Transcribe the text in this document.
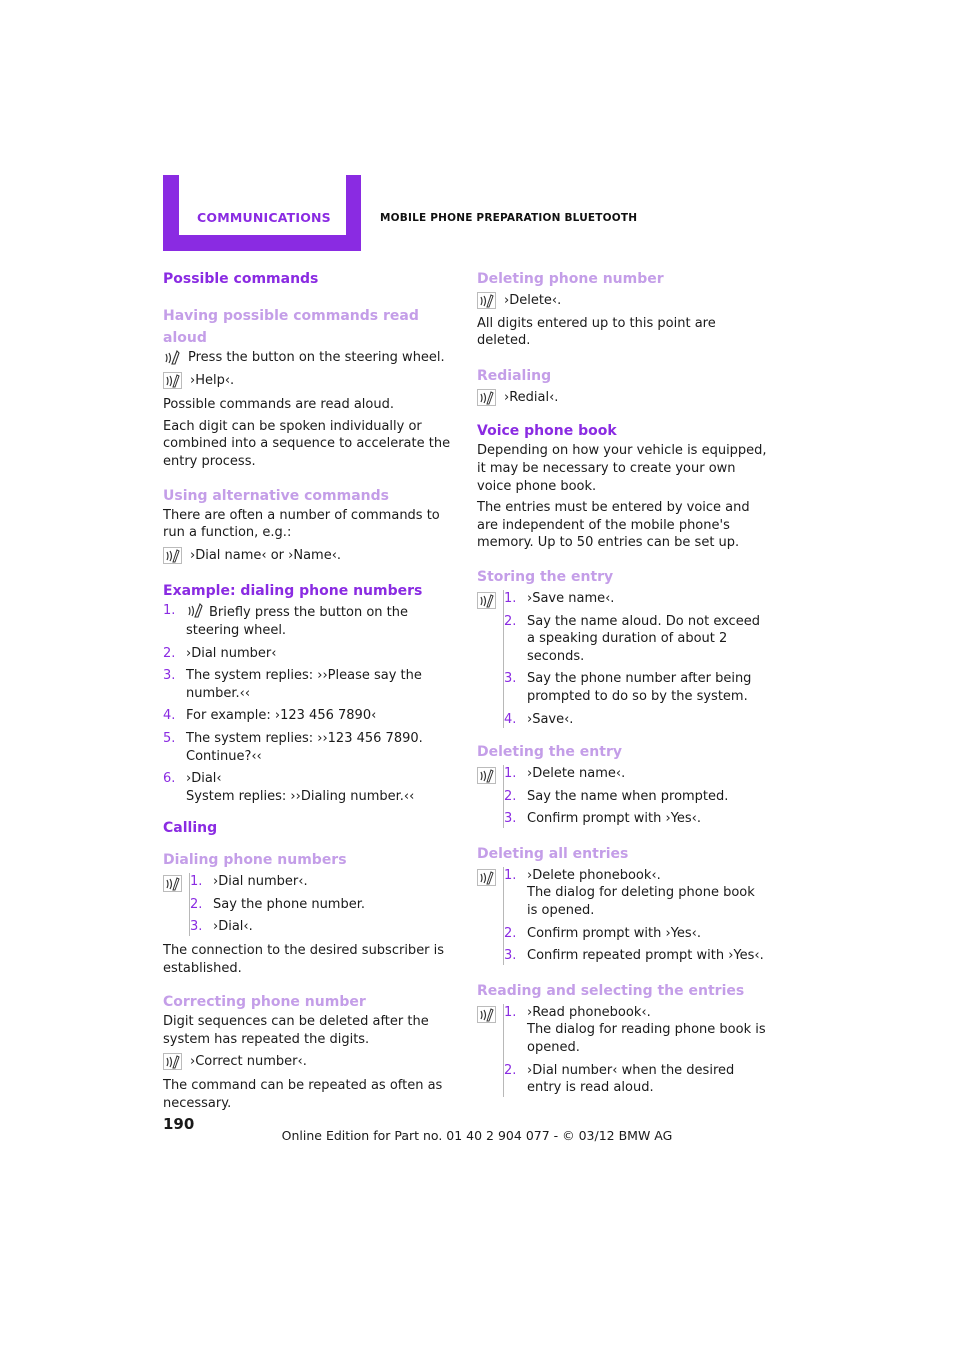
COMMUNICATIONS	MOBILE PHONE PREPARATION BLUETOOTH
Possible commands
Having possible commands read aloud
Press the button on the steering wheel.
›Help‹.

Possible commands are read aloud.

Each digit can be spoken individually or combined into a sequence to accelerate the entry process.

Using alternative commands

There are often a number of commands to run a function, e.g.:

›Dial name‹ or ›Name‹.
Example: dialing phone numbers
1.	Briefly press the button on the steering wheel.
2. ›Dial number‹
3. The system replies: ››Please say the number.‹‹
4. For example: ›123 456 7890‹
5. The system replies: ››123 456 7890. Continue?‹‹
6. ›Dial‹
System replies: ››Dialing number.‹‹
Calling
Dialing phone numbers
1. ›Dial number‹.
2. Say the phone number.
3. ›Dial‹.

The connection to the desired subscriber is established.

Correcting phone number

Digit sequences can be deleted after the system has repeated the digits.

›Correct number‹.

The command can be repeated as often as necessary.

Deleting phone number
›Delete‹.

All digits entered up to this point are deleted.

Redialing
›Redial‹.
Voice phone book

Depending on how your vehicle is equipped, it may be necessary to create your own voice phone book.

The entries must be entered by voice and are independent of the mobile phone's memory. Up to 50 entries can be set up.

Storing the entry
1. ›Save name‹.
2. Say the name aloud. Do not exceed a speaking duration of about 2 seconds.
3. Say the phone number after being prompted to do so by the system.
4. ›Save‹.
Deleting the entry
1. ›Delete name‹.
2. Say the name when prompted.
3. Confirm prompt with ›Yes‹.
Deleting all entries
1. ›Delete phonebook‹.
The dialog for deleting phone book is opened.
2. Confirm prompt with ›Yes‹.
3. Confirm repeated prompt with ›Yes‹.
Reading and selecting the entries
1. ›Read phonebook‹.
The dialog for reading phone book is opened.
2. ›Dial number‹ when the desired entry is read aloud.
190
Online Edition for Part no. 01 40 2 904 077 - © 03/12 BMW AG
